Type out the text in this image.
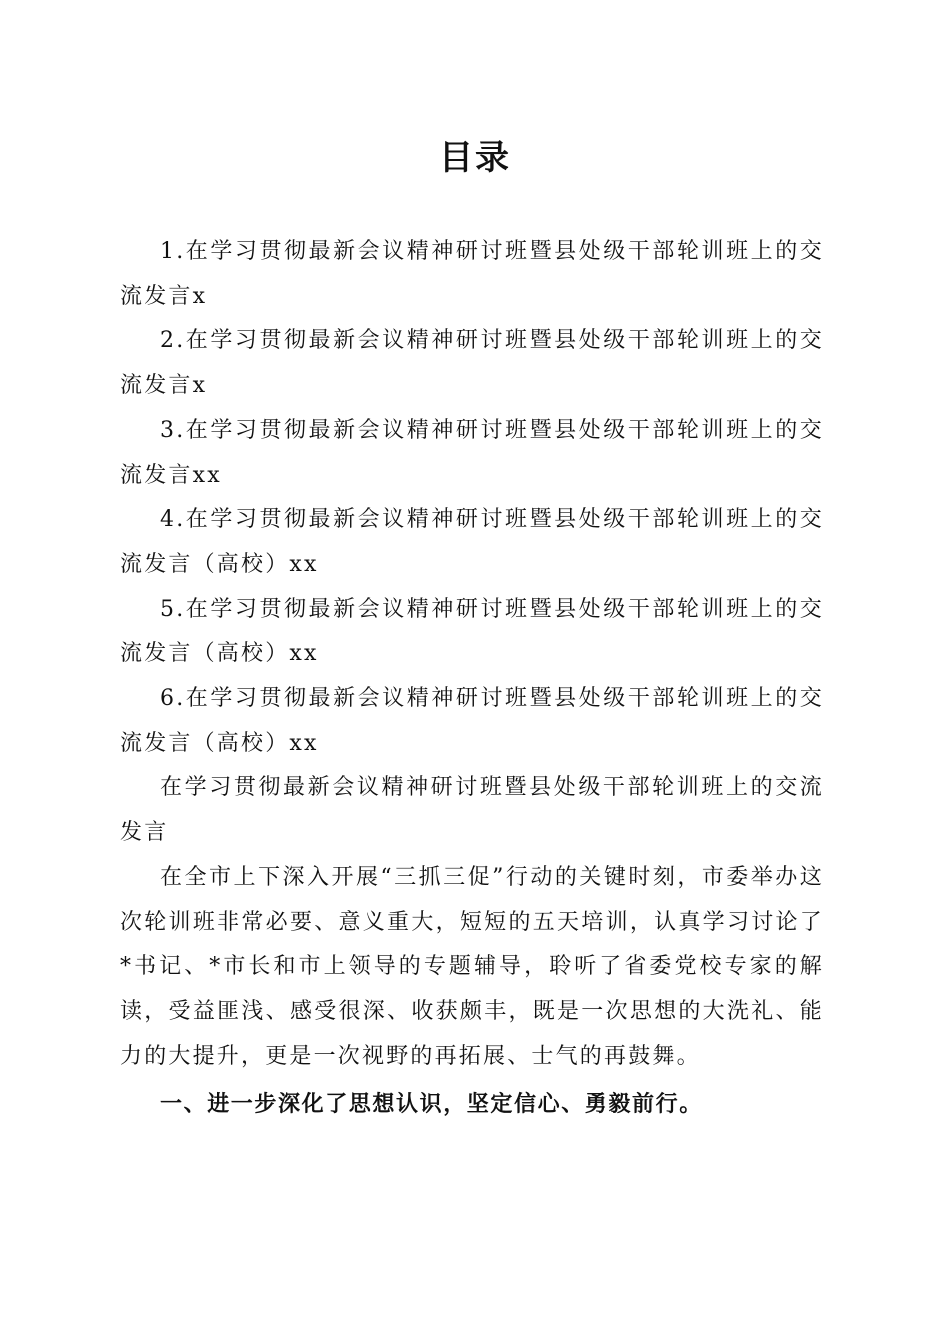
目录

1.在学习贯彻最新会议精神研讨班暨县处级干部轮训班上的交流发言x

2.在学习贯彻最新会议精神研讨班暨县处级干部轮训班上的交流发言x

3.在学习贯彻最新会议精神研讨班暨县处级干部轮训班上的交流发言xx

4.在学习贯彻最新会议精神研讨班暨县处级干部轮训班上的交流发言（高校）xx

5.在学习贯彻最新会议精神研讨班暨县处级干部轮训班上的交流发言（高校）xx

6.在学习贯彻最新会议精神研讨班暨县处级干部轮训班上的交流发言（高校）xx

在学习贯彻最新会议精神研讨班暨县处级干部轮训班上的交流发言

在全市上下深入开展“三抓三促”行动的关键时刻，市委举办这次轮训班非常必要、意义重大，短短的五天培训，认真学习讨论了*书记、*市长和市上领导的专题辅导，聆听了省委党校专家的解读，受益匪浅、感受很深、收获颇丰，既是一次思想的大洗礼、能力的大提升，更是一次视野的再拓展、士气的再鼓舞。

一、进一步深化了思想认识，坚定信心、勇毅前行。
